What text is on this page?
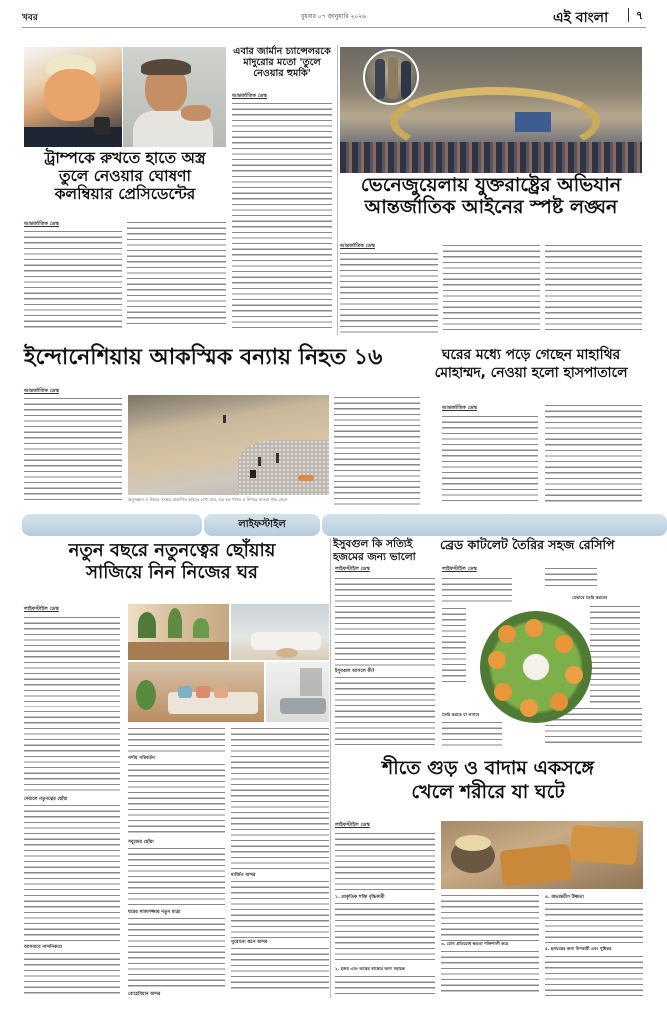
খবর	বুধবার ০৭ জানুয়ারি ২০২৬	এই বাংলা	৭
ট্রাম্পকে রুখতে হাতে অস্ত্র
তুলে নেওয়ার ঘোষণা
কলম্বিয়ার প্রেসিডেন্টের
আন্তর্জাতিক ডেস্ক
এবার জার্মান চ্যান্সেলরকে
মাদুরোর মতো 'তুলে
নেওয়ার হুমকি'
আন্তর্জাতিক ডেস্ক
ভেনেজুয়েলায় যুক্তরাষ্ট্রের অভিযান
আন্তর্জাতিক আইনের স্পষ্ট লঙ্ঘন
আন্তর্জাতিক ডেস্ক
ইন্দোনেশিয়ায় আকস্মিক বন্যায় নিহত ১৬
আন্তর্জাতিক ডেস্ক
অনুসন্ধান ও উদ্ধার সংস্থার প্রকাশিত ছবিতে দেখা যায়, বড় বড় পাথর ও উপড়ে যাওয়া গাছ ভেসে
ঘরের মধ্যে পড়ে গেছেন মাহাথির
মোহাম্মদ, নেওয়া হলো হাসপাতালে
আন্তর্জাতিক ডেস্ক
লাইফস্টাইল
নতুন বছরে নতুনত্বের ছোঁয়ায়
সাজিয়ে নিন নিজের ঘর
লাইফস্টাইল ডেস্ক
দেয়ালে নতুনত্বের ছোঁয়া
আসবাবে নান্দনিকতা
পর্দায় পরিবর্তন
সবুজের ছোঁয়া
ঘরের সাজসজ্জায় নতুন মাত্রা
বোহেমিয়ান অন্দর
মার্জিত অন্দর
পুরোনো রূপে অন্দর
ইসুবগুল কি সত্যিই
হজমের জন্য ভালো
লাইফস্টাইল ডেস্ক
ইসুবগুল আসলে কী?
ব্রেড কাটলেট তৈরির সহজ রেসিপি
লাইফস্টাইল ডেস্ক
তৈরি করতে যা লাগবে
যেভাবে তৈরি করবেন
শীতে গুড় ও বাদাম একসঙ্গে
খেলে শরীরে যা ঘটে
লাইফস্টাইল ডেস্ক
১. প্রাকৃতিক শক্তি বৃদ্ধিকারী
২. হজম এবং অন্ত্রের স্বাস্থ্যের জন্য সহায়ক
৩. রোগ প্রতিরোধ ক্ষমতা শক্তিশালী করে
৪. অভ্যন্তরীণ উষ্ণতা
৫. হৃদযন্ত্রের জন্য উপকারী এবং পুষ্টিকর
